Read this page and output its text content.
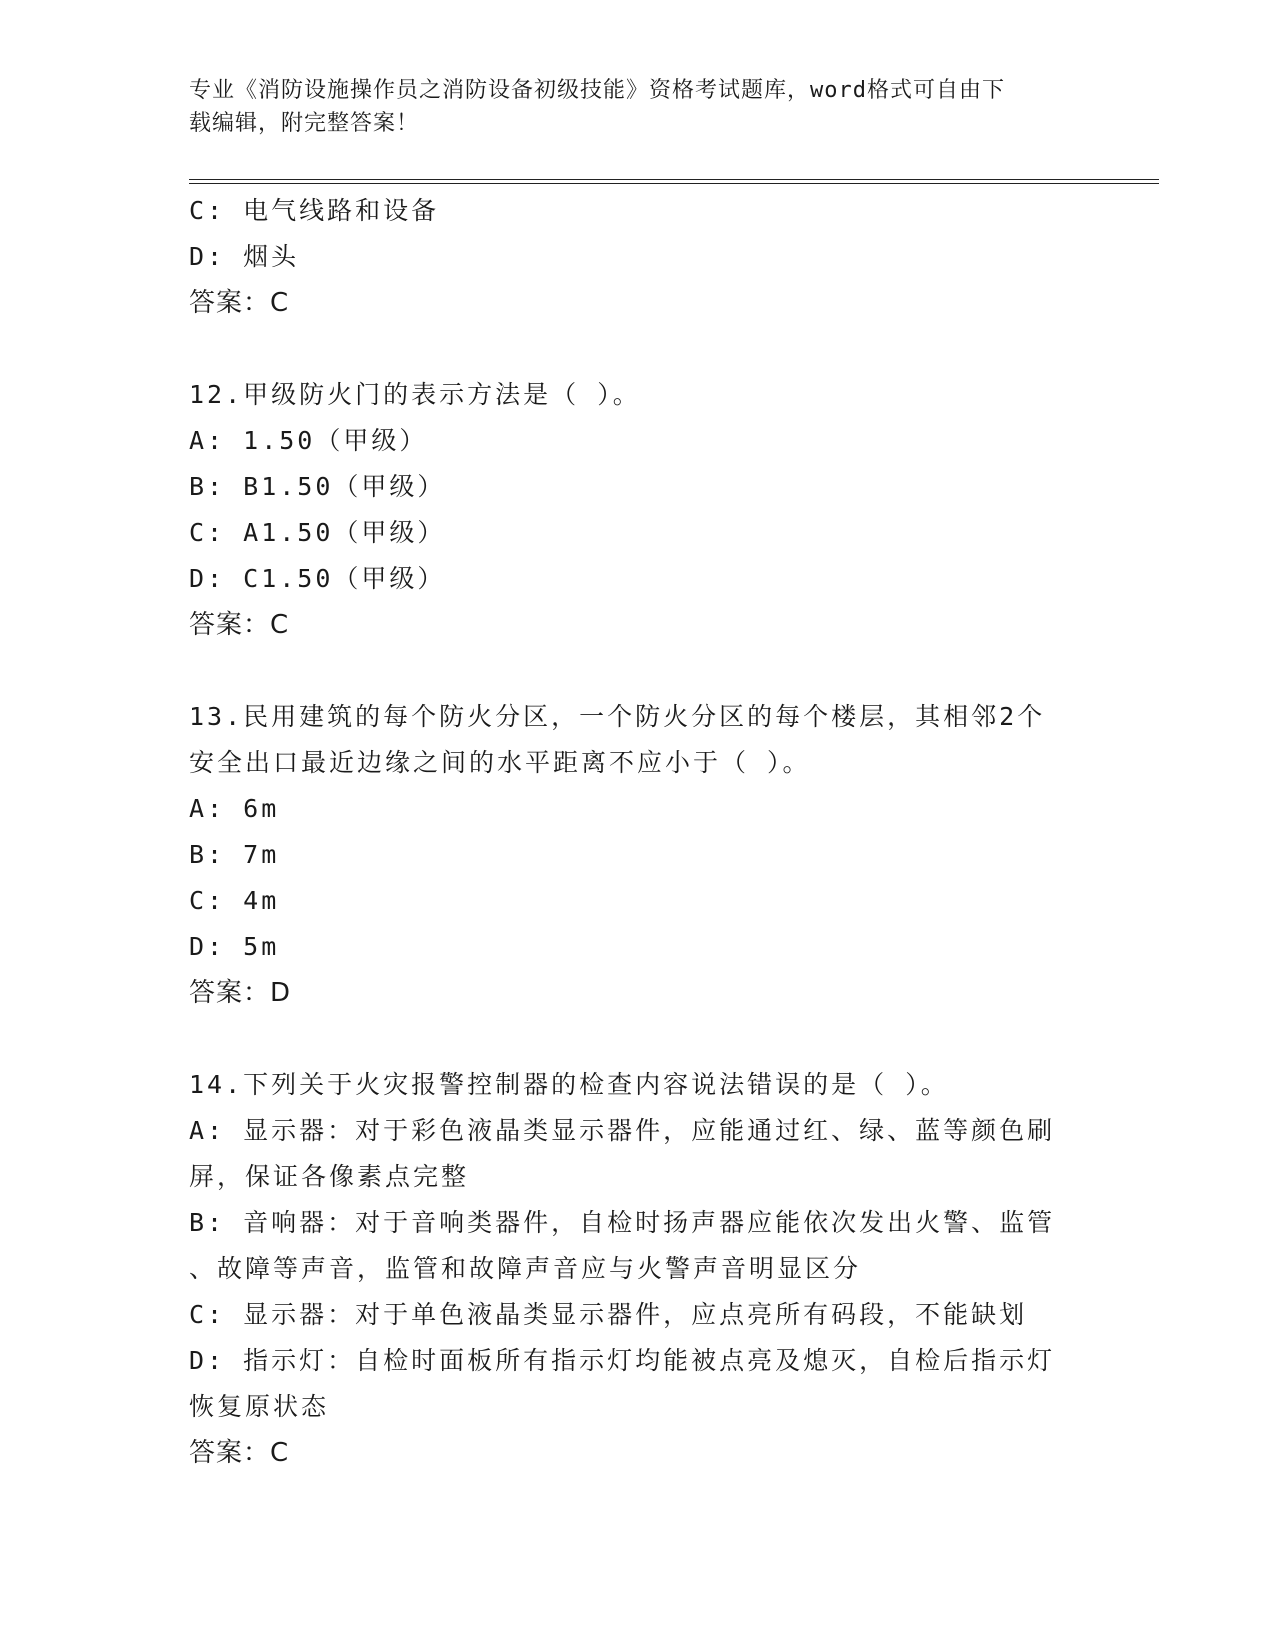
专业《消防设施操作员之消防设备初级技能》资格考试题库，word格式可自由下
载编辑，附完整答案！
C: 电气线路和设备
D: 烟头
答案：C
12.甲级防火门的表示方法是（ ）。
A: 1.50（甲级）
B: B1.50（甲级）
C: A1.50（甲级）
D: C1.50（甲级）
答案：C
13.民用建筑的每个防火分区，一个防火分区的每个楼层，其相邻2个
安全出口最近边缘之间的水平距离不应小于（ ）。
A: 6m
B: 7m
C: 4m
D: 5m
答案：D
14.下列关于火灾报警控制器的检查内容说法错误的是（ ）。
A: 显示器：对于彩色液晶类显示器件，应能通过红、绿、蓝等颜色刷
屏，保证各像素点完整
B: 音响器：对于音响类器件，自检时扬声器应能依次发出火警、监管
、故障等声音，监管和故障声音应与火警声音明显区分
C: 显示器：对于单色液晶类显示器件，应点亮所有码段，不能缺划
D: 指示灯：自检时面板所有指示灯均能被点亮及熄灭，自检后指示灯
恢复原状态
答案：C
